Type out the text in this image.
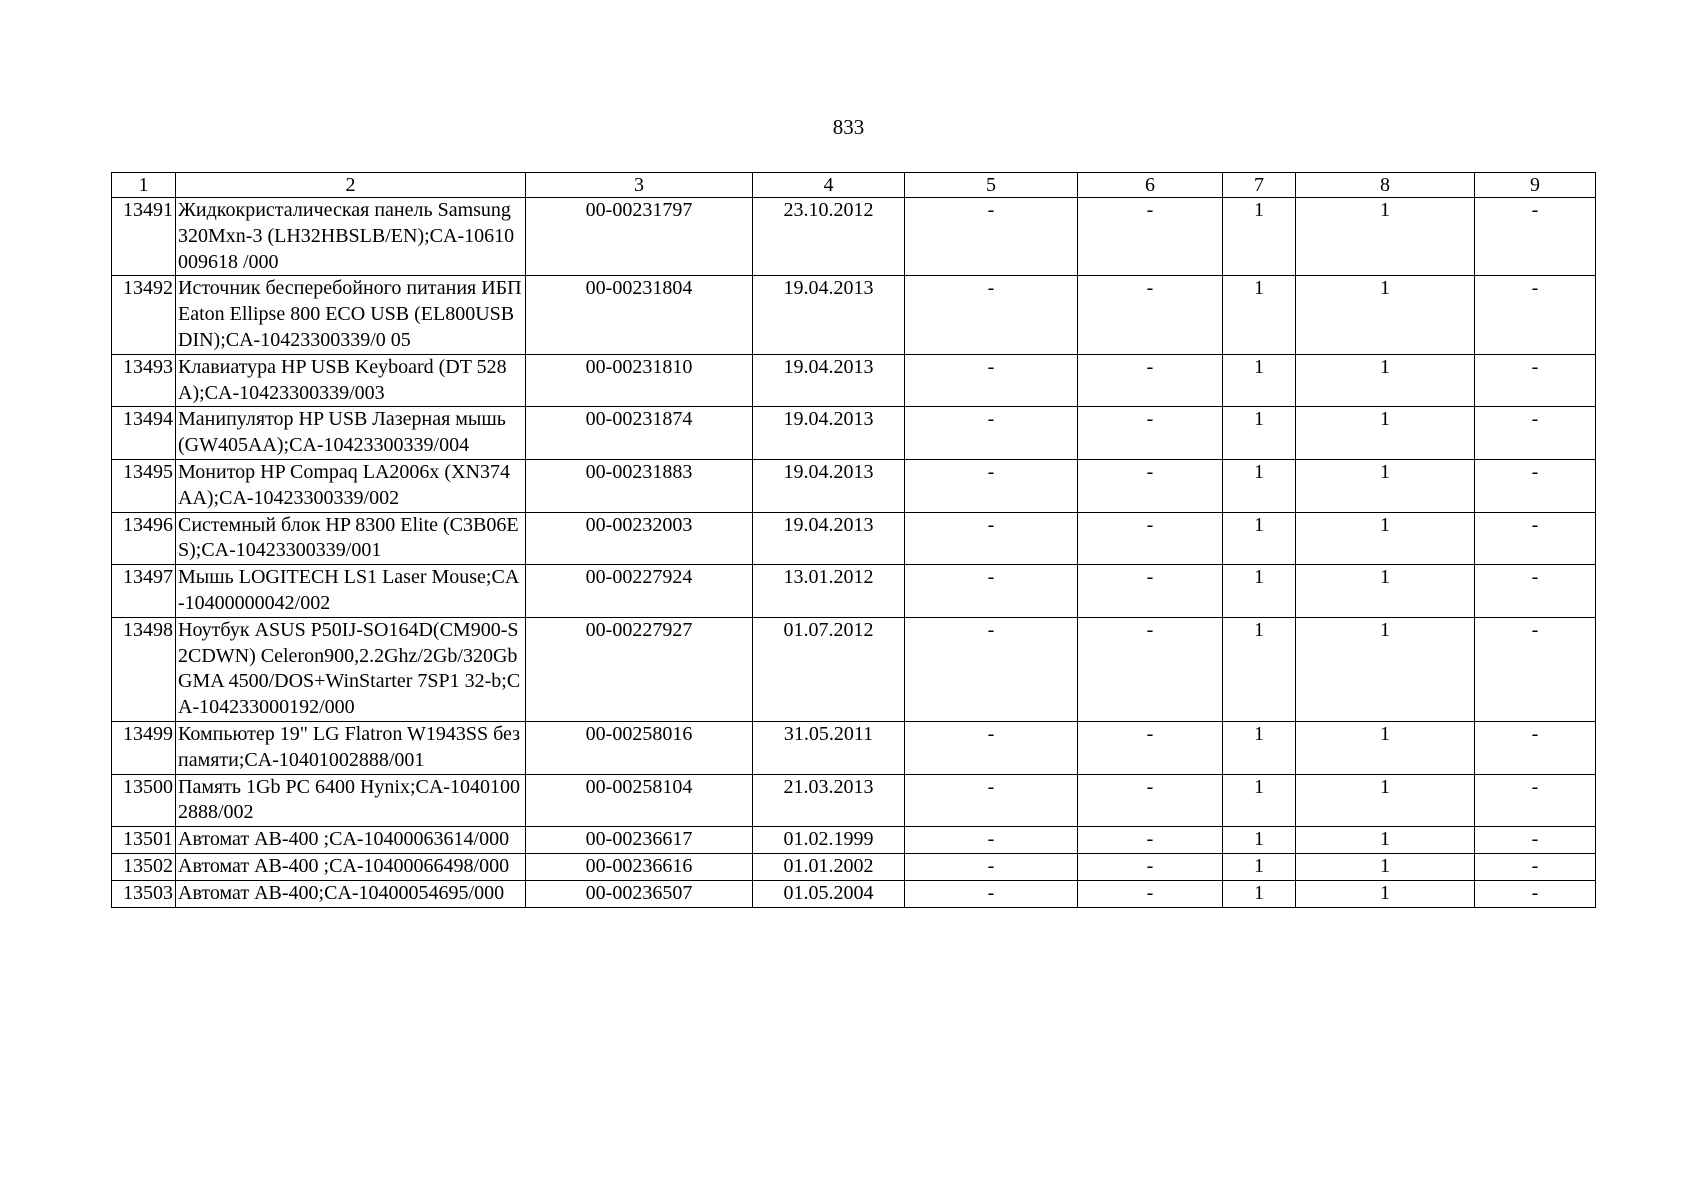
833
1	2	3	4	5	6	7	8	9
13491	Жидкокристалическая панель Samsung 320Mxn-3 (LH32HBSLB/EN);CA-10610009618 /000	00-00231797	23.10.2012	-	-	1	1	-
13492	Источник бесперебойного питания ИБП Eaton Ellipse 800 ECO USB (EL800USBDIN);CA-10423300339/0 05	00-00231804	19.04.2013	-	-	1	1	-
13493	Клавиатура HP USB Keyboard (DT 528A);CA-10423300339/003	00-00231810	19.04.2013	-	-	1	1	-
13494	Манипулятор HP USB Лазерная мышь (GW405AA);CA-10423300339/004	00-00231874	19.04.2013	-	-	1	1	-
13495	Монитор HP Compaq LA2006x (XN374AA);CA-10423300339/002	00-00231883	19.04.2013	-	-	1	1	-
13496	Системный блок HP 8300 Elite (C3B06ES);CA-10423300339/001	00-00232003	19.04.2013	-	-	1	1	-
13497	Мышь LOGITECH LS1 Laser Mouse;CA-10400000042/002	00-00227924	13.01.2012	-	-	1	1	-
13498	Ноутбук ASUS P50IJ-SO164D(CM900-S2CDWN) Celeron900,2.2Ghz/2Gb/320GbGMA 4500/DOS+WinStarter 7SP1 32-b;CA-104233000192/000	00-00227927	01.07.2012	-	-	1	1	-
13499	Компьютер 19" LG Flatron W1943SS без памяти;CA-10401002888/001	00-00258016	31.05.2011	-	-	1	1	-
13500	Память 1Gb PC 6400 Hynix;CA-10401002888/002	00-00258104	21.03.2013	-	-	1	1	-
13501	Автомат АВ-400 ;CA-10400063614/000	00-00236617	01.02.1999	-	-	1	1	-
13502	Автомат АВ-400 ;CA-10400066498/000	00-00236616	01.01.2002	-	-	1	1	-
13503	Автомат АВ-400;CA-10400054695/000	00-00236507	01.05.2004	-	-	1	1	-
